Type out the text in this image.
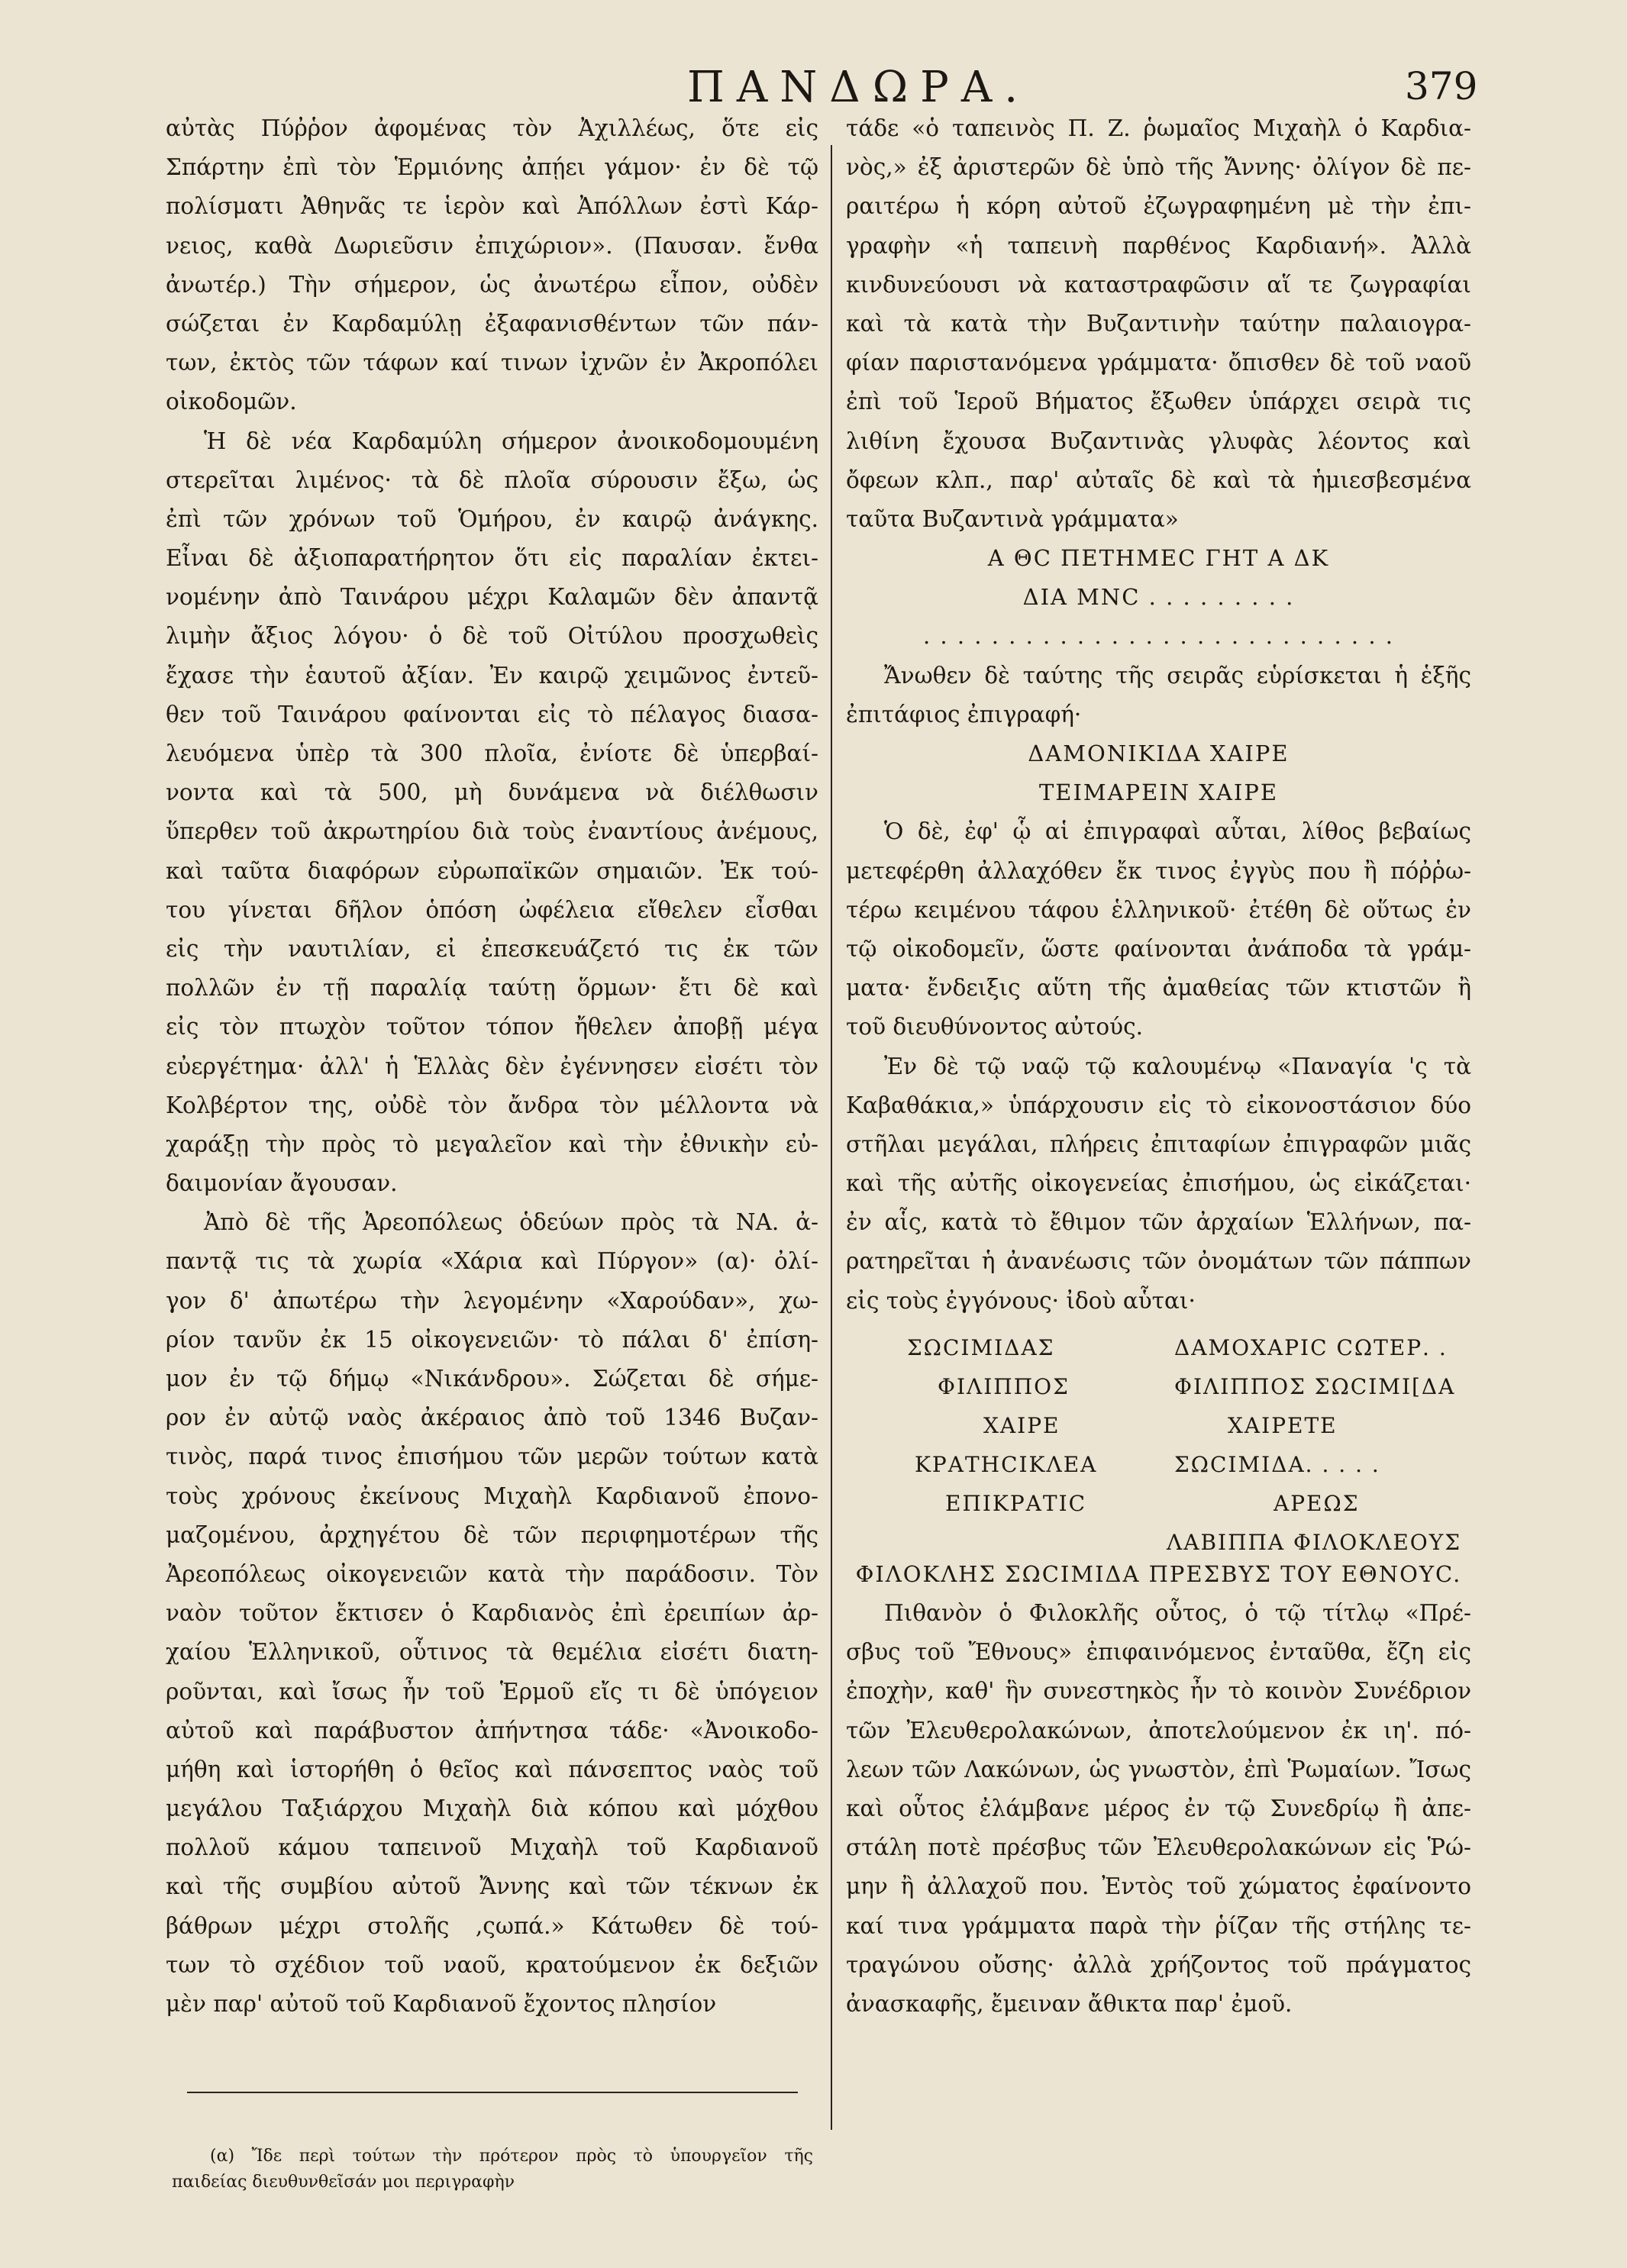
ΠΑΝΔΩΡΑ.	379
αὐτὰς Πύῤῥον ἀφομένας τὸν Ἀχιλλέως, ὅτε εἰς
Σπάρτην ἐπὶ τὸν Ἑρμιόνης ἀπῄει γάμον· ἐν δὲ τῷ
πολίσματι Ἀθηνᾶς τε ἱερὸν καὶ Ἀπόλλων ἐστὶ Κάρ-
νειος, καθὰ Δωριεῦσιν ἐπιχώριον». (Παυσαν. ἔνθα
ἀνωτέρ.) Τὴν σήμερον, ὡς ἀνωτέρω εἶπον, οὐδὲν
σώζεται ἐν Καρδαμύλῃ ἐξαφανισθέντων τῶν πάν-
των, ἐκτὸς τῶν τάφων καί τινων ἰχνῶν ἐν Ἀκροπόλει
οἰκοδομῶν.
Ἡ δὲ νέα Καρδαμύλη σήμερον ἀνοικοδομουμένη
στερεῖται λιμένος· τὰ δὲ πλοῖα σύρουσιν ἔξω, ὡς
ἐπὶ τῶν χρόνων τοῦ Ὁμήρου, ἐν καιρῷ ἀνάγκης.
Εἶναι δὲ ἀξιοπαρατήρητον ὅτι εἰς παραλίαν ἐκτει-
νομένην ἀπὸ Ταινάρου μέχρι Καλαμῶν δὲν ἀπαντᾷ
λιμὴν ἄξιος λόγου· ὁ δὲ τοῦ Οἰτύλου προσχωθεὶς
ἔχασε τὴν ἑαυτοῦ ἀξίαν. Ἐν καιρῷ χειμῶνος ἐντεῦ-
θεν τοῦ Ταινάρου φαίνονται εἰς τὸ πέλαγος διασα-
λευόμενα ὑπὲρ τὰ 300 πλοῖα, ἐνίοτε δὲ ὑπερβαί-
νοντα καὶ τὰ 500, μὴ δυνάμενα νὰ διέλθωσιν
ὕπερθεν τοῦ ἀκρωτηρίου διὰ τοὺς ἐναντίους ἀνέμους,
καὶ ταῦτα διαφόρων εὐρωπαϊκῶν σημαιῶν. Ἐκ τού-
του γίνεται δῆλον ὁπόση ὠφέλεια εἴθελεν εἶσθαι
εἰς τὴν ναυτιλίαν, εἰ ἐπεσκευάζετό τις ἐκ τῶν
πολλῶν ἐν τῇ παραλίᾳ ταύτῃ ὅρμων· ἔτι δὲ καὶ
εἰς τὸν πτωχὸν τοῦτον τόπον ἤθελεν ἀποβῇ μέγα
εὐεργέτημα· ἀλλ' ἡ Ἑλλὰς δὲν ἐγέννησεν εἰσέτι τὸν
Κολβέρτον της, οὐδὲ τὸν ἄνδρα τὸν μέλλοντα νὰ
χαράξῃ τὴν πρὸς τὸ μεγαλεῖον καὶ τὴν ἐθνικὴν εὐ-
δαιμονίαν ἄγουσαν.
Ἀπὸ δὲ τῆς Ἀρεοπόλεως ὁδεύων πρὸς τὰ ΝΑ. ἀ-
παντᾷ τις τὰ χωρία «Χάρια καὶ Πύργον» (α)· ὀλί-
γον δ' ἀπωτέρω τὴν λεγομένην «Χαρούδαν», χω-
ρίον τανῦν ἐκ 15 οἰκογενειῶν· τὸ πάλαι δ' ἐπίση-
μον ἐν τῷ δήμῳ «Νικάνδρου». Σώζεται δὲ σήμε-
ρον ἐν αὐτῷ ναὸς ἀκέραιος ἀπὸ τοῦ 1346 Βυζαν-
τινὸς, παρά τινος ἐπισήμου τῶν μερῶν τούτων κατὰ
τοὺς χρόνους ἐκείνους Μιχαὴλ Καρδιανοῦ ἐπονο-
μαζομένου, ἀρχηγέτου δὲ τῶν περιφημοτέρων τῆς
Ἀρεοπόλεως οἰκογενειῶν κατὰ τὴν παράδοσιν. Τὸν
ναὸν τοῦτον ἔκτισεν ὁ Καρδιανὸς ἐπὶ ἐρειπίων ἀρ-
χαίου Ἑλληνικοῦ, οὗτινος τὰ θεμέλια εἰσέτι διατη-
ροῦνται, καὶ ἴσως ἦν τοῦ Ἑρμοῦ εἴς τι δὲ ὑπόγειον
αὐτοῦ καὶ παράβυστον ἀπήντησα τάδε· «Ἀνοικοδο-
μήθη καὶ ἱστορήθη ὁ θεῖος καὶ πάνσεπτος ναὸς τοῦ
μεγάλου Ταξιάρχου Μιχαὴλ διὰ κόπου καὶ μόχθου
πολλοῦ κάμου ταπεινοῦ Μιχαὴλ τοῦ Καρδιανοῦ
καὶ τῆς συμβίου αὐτοῦ Ἄννης καὶ τῶν τέκνων ἐκ
βάθρων μέχρι στολῆς ,ςωπά.» Κάτωθεν δὲ τού-
των τὸ σχέδιον τοῦ ναοῦ, κρατούμενον ἐκ δεξιῶν
μὲν παρ' αὐτοῦ τοῦ Καρδιανοῦ ἔχοντος πλησίον
τάδε «ὁ ταπεινὸς Π. Ζ. ῥωμαῖος Μιχαὴλ ὁ Καρδια-
νὸς,» ἐξ ἀριστερῶν δὲ ὑπὸ τῆς Ἄννης· ὀλίγον δὲ πε-
ραιτέρω ἡ κόρη αὐτοῦ ἐζωγραφημένη μὲ τὴν ἐπι-
γραφὴν «ἡ ταπεινὴ παρθένος Καρδιανή». Ἀλλὰ
κινδυνεύουσι νὰ καταστραφῶσιν αἵ τε ζωγραφίαι
καὶ τὰ κατὰ τὴν Βυζαντινὴν ταύτην παλαιογρα-
φίαν παριστανόμενα γράμματα· ὄπισθεν δὲ τοῦ ναοῦ
ἐπὶ τοῦ Ἱεροῦ Βήματος ἔξωθεν ὑπάρχει σειρὰ τις
λιθίνη ἔχουσα Βυζαντινὰς γλυφὰς λέοντος καὶ
ὄφεων κλπ., παρ' αὐταῖς δὲ καὶ τὰ ἡμιεσβεσμένα
ταῦτα Βυζαντινὰ γράμματα»
Α ΘC ΠΕΤΗΜΕC ΓΗΤ Α ΔΚ
ΔΙΑ ΜΝC . . . . . . . . .
. . . . . . . . . . . . . . . . . . . . . . . . . . . .
Ἄνωθεν δὲ ταύτης τῆς σειρᾶς εὑρίσκεται ἡ ἑξῆς
ἐπιτάφιος ἐπιγραφή·
ΔΑΜΟΝΙΚΙΔΑ ΧΑΙΡΕ
ΤΕΙΜΑΡΕΙΝ ΧΑΙΡΕ
Ὁ δὲ, ἐφ' ᾧ αἱ ἐπιγραφαὶ αὗται, λίθος βεβαίως
μετεφέρθη ἀλλαχόθεν ἔκ τινος ἐγγὺς που ἢ πόῤῥω-
τέρω κειμένου τάφου ἑλληνικοῦ· ἐτέθη δὲ οὕτως ἐν
τῷ οἰκοδομεῖν, ὥστε φαίνονται ἀνάποδα τὰ γράμ-
ματα· ἔνδειξις αὕτη τῆς ἀμαθείας τῶν κτιστῶν ἢ
τοῦ διευθύνοντος αὐτούς.
Ἐν δὲ τῷ ναῷ τῷ καλουμένῳ «Παναγία 'ς τὰ
Καβαθάκια,» ὑπάρχουσιν εἰς τὸ εἰκονοστάσιον δύο
στῆλαι μεγάλαι, πλήρεις ἐπιταφίων ἐπιγραφῶν μιᾶς
καὶ τῆς αὐτῆς οἰκογενείας ἐπισήμου, ὡς εἰκάζεται·
ἐν αἷς, κατὰ τὸ ἔθιμον τῶν ἀρχαίων Ἑλλήνων, πα-
ρατηρεῖται ἡ ἀνανέωσις τῶν ὀνομάτων τῶν πάππων
εἰς τοὺς ἐγγόνους· ἰδοὺ αὗται·
ΣΩCΙΜΙΔΑΣ
ΦΙΛΙΠΠΟΣ
ΧΑΙΡΕ
ΚΡΑΤΗCΙΚΛΕΑ
ΕΠΙΚΡΑΤΙC
ΔΑΜΟΧΑΡΙC CΩΤΕΡ. .
ΦΙΛΙΠΠΟΣ ΣΩCΙΜΙ[ΔΑ
ΧΑΙΡΕΤΕ
ΣΩCΙΜΙΔΑ. . . . .
ΑΡΕΩΣ
ΛΑΒΙΠΠΑ ΦΙΛΟΚΛΕΟΥΣ
ΦΙΛΟΚΛΗΣ ΣΩCΙΜΙΔΑ ΠΡΕΣΒΥΣ ΤΟΥ ΕΘΝΟΥC.
Πιθανὸν ὁ Φιλοκλῆς οὗτος, ὁ τῷ τίτλῳ «Πρέ-
σβυς τοῦ Ἔθνους» ἐπιφαινόμενος ἐνταῦθα, ἔζη εἰς
ἐποχὴν, καθ' ἣν συνεστηκὸς ἦν τὸ κοινὸν Συνέδριον
τῶν Ἐλευθερολακώνων, ἀποτελούμενον ἐκ ιη'. πό-
λεων τῶν Λακώνων, ὡς γνωστὸν, ἐπὶ Ῥωμαίων. Ἴσως
καὶ οὗτος ἐλάμβανε μέρος ἐν τῷ Συνεδρίῳ ἢ ἀπε-
στάλη ποτὲ πρέσβυς τῶν Ἐλευθερολακώνων εἰς Ῥώ-
μην ἢ ἀλλαχοῦ που. Ἐντὸς τοῦ χώματος ἐφαίνοντο
καί τινα γράμματα παρὰ τὴν ῥίζαν τῆς στήλης τε-
τραγώνου οὔσης· ἀλλὰ χρήζοντος τοῦ πράγματος
ἀνασκαφῆς, ἔμειναν ἄθικτα παρ' ἐμοῦ.
(α) Ἴδε περὶ τούτων τὴν πρότερον πρὸς τὸ ὑπουργεῖον τῆς
παιδείας διευθυνθεῖσάν μοι περιγραφὴν
